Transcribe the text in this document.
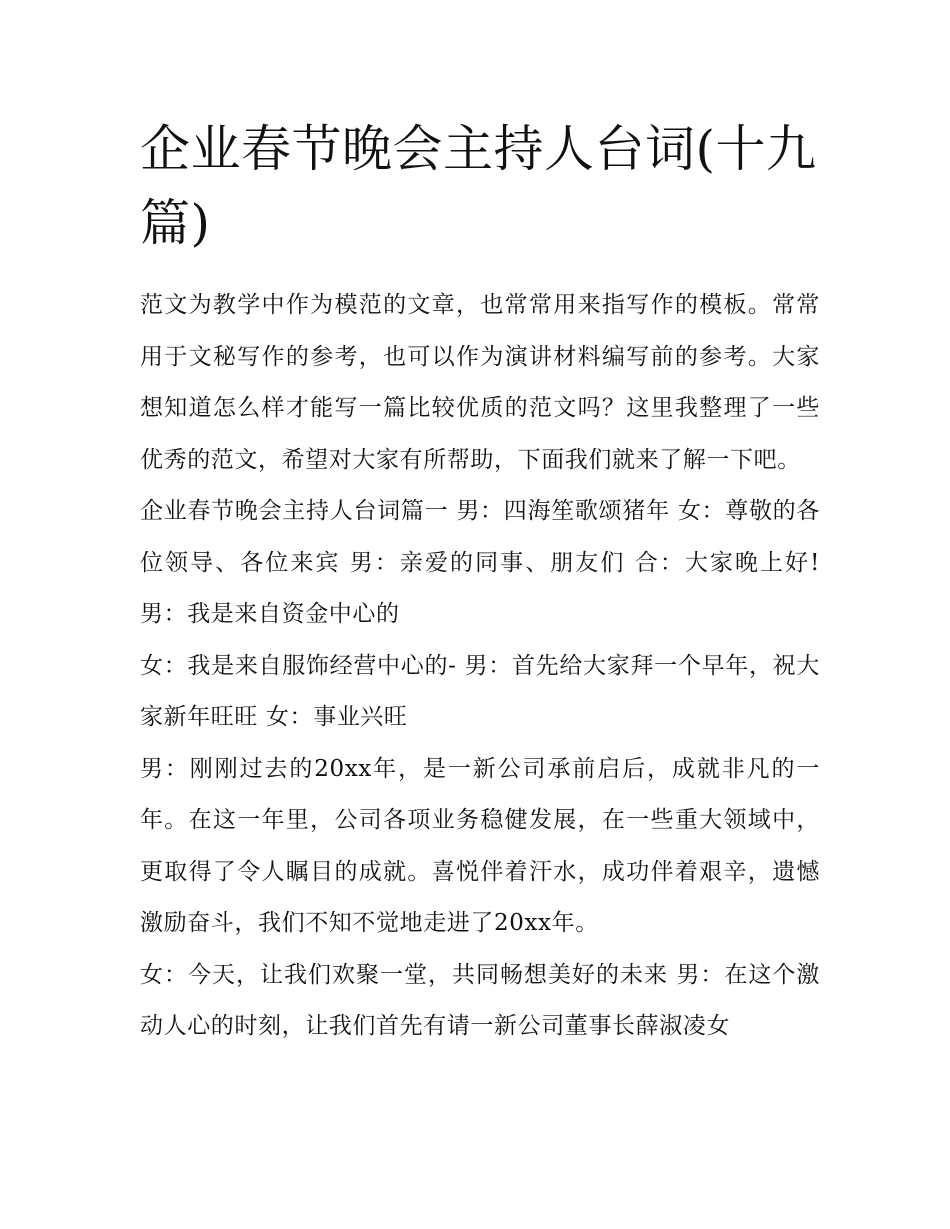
企业春节晚会主持人台词(十九篇)

范文为教学中作为模范的文章，也常常用来指写作的模板。常常用于文秘写作的参考，也可以作为演讲材料编写前的参考。大家想知道怎么样才能写一篇比较优质的范文吗？这里我整理了一些优秀的范文，希望对大家有所帮助，下面我们就来了解一下吧。

企业春节晚会主持人台词篇一 男：四海笙歌颂猪年 女：尊敬的各位领导、各位来宾 男：亲爱的同事、朋友们 合：大家晚上好! 男：我是来自资金中心的

女：我是来自服饰经营中心的- 男：首先给大家拜一个早年，祝大家新年旺旺 女：事业兴旺

男：刚刚过去的20xx年，是一新公司承前启后，成就非凡的一年。在这一年里，公司各项业务稳健发展，在一些重大领域中，更取得了令人瞩目的成就。喜悦伴着汗水，成功伴着艰辛，遗憾激励奋斗，我们不知不觉地走进了20xx年。

女：今天，让我们欢聚一堂，共同畅想美好的未来 男：在这个激动人心的时刻，让我们首先有请一新公司董事长薛淑凌女
